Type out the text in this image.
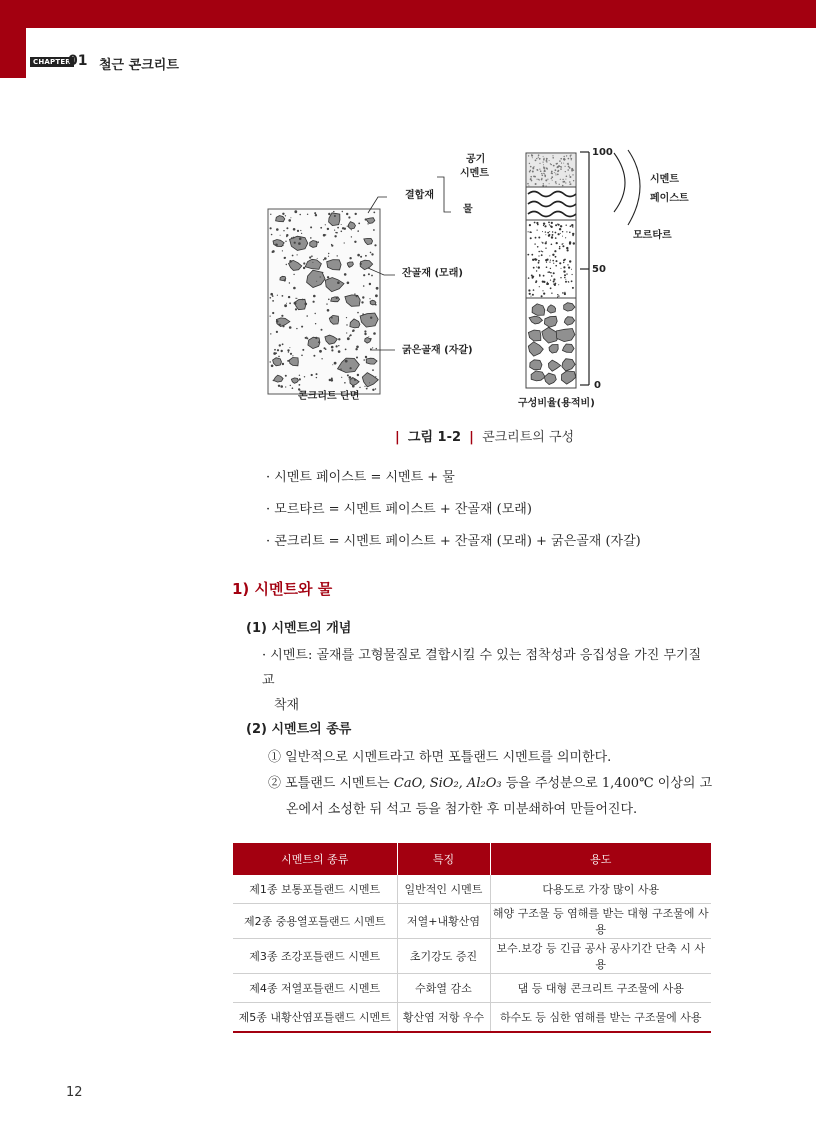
CHAPTER
01 철근 콘크리트
콘크리트 단면
공기
시멘트
결합재
물
잔골재 (모래)
굵은골재 (자갈)
100
50
0
구성비율(용적비)
시멘트
페이스트
모르타르
| 그림 1-2 | 콘크리트의 구성
· 시멘트 페이스트 = 시멘트 + 물
· 모르타르 = 시멘트 페이스트 + 잔골재 (모래)
· 콘크리트 = 시멘트 페이스트 + 잔골재 (모래) + 굵은골재 (자갈)
1) 시멘트와 물
(1) 시멘트의 개념
· 시멘트: 골재를 고형물질로 결합시킬 수 있는 점착성과 응집성을 가진 무기질 교
착재
(2) 시멘트의 종류
① 일반적으로 시멘트라고 하면 포틀랜드 시멘트를 의미한다.
② 포틀랜드 시멘트는 CaO, SiO₂, Al₂O₃ 등을 주성분으로 1,400℃ 이상의 고
온에서 소성한 뒤 석고 등을 첨가한 후 미분쇄하여 만들어진다.
시멘트의 종류	특징	용도
제1종 보통포틀랜드 시멘트	일반적인 시멘트	다용도로 가장 많이 사용
제2종 중용열포틀랜드 시멘트	저열+내황산염	해양 구조물 등 염해를 받는 대형 구조물에 사용
제3종 조강포틀랜드 시멘트	초기강도 증진	보수.보강 등 긴급 공사 공사기간 단축 시 사용
제4종 저열포틀랜드 시멘트	수화열 감소	댐 등 대형 콘크리트 구조물에 사용
제5종 내황산염포틀랜드 시멘트	황산염 저항 우수	하수도 등 심한 염해를 받는 구조물에 사용
12
